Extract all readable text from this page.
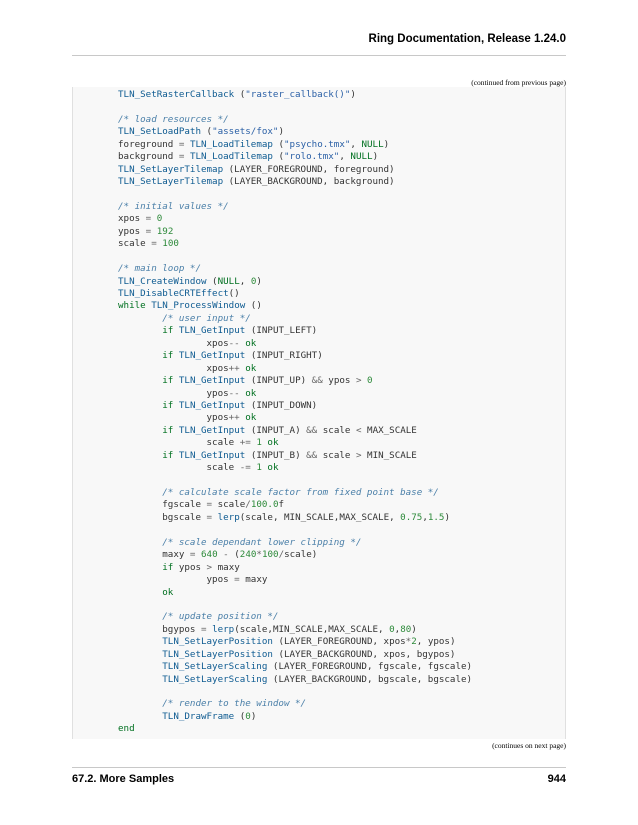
Ring Documentation, Release 1.24.0
(continued from previous page)
TLN_SetRasterCallback ("raster_callback()")

/* load resources */
TLN_SetLoadPath ("assets/fox")
foreground = TLN_LoadTilemap ("psycho.tmx", NULL)
background = TLN_LoadTilemap ("rolo.tmx", NULL)
TLN_SetLayerTilemap (LAYER_FOREGROUND, foreground)
TLN_SetLayerTilemap (LAYER_BACKGROUND, background)

/* initial values */
xpos = 0
ypos = 192
scale = 100

/* main loop */
TLN_CreateWindow (NULL, 0)
TLN_DisableCRTEffect()
while TLN_ProcessWindow ()
/* user input */
if TLN_GetInput (INPUT_LEFT)
xpos-- ok
if TLN_GetInput (INPUT_RIGHT)
xpos++ ok
if TLN_GetInput (INPUT_UP) && ypos > 0
ypos-- ok
if TLN_GetInput (INPUT_DOWN)
ypos++ ok
if TLN_GetInput (INPUT_A) && scale < MAX_SCALE
scale += 1 ok
if TLN_GetInput (INPUT_B) && scale > MIN_SCALE
scale -= 1 ok

/* calculate scale factor from fixed point base */
fgscale = scale/100.0f
bgscale = lerp(scale, MIN_SCALE,MAX_SCALE, 0.75,1.5)

/* scale dependant lower clipping */
maxy = 640 - (240*100/scale)
if ypos > maxy
ypos = maxy
ok

/* update position */
bgypos = lerp(scale,MIN_SCALE,MAX_SCALE, 0,80)
TLN_SetLayerPosition (LAYER_FOREGROUND, xpos*2, ypos)
TLN_SetLayerPosition (LAYER_BACKGROUND, xpos, bgypos)
TLN_SetLayerScaling (LAYER_FOREGROUND, fgscale, fgscale)
TLN_SetLayerScaling (LAYER_BACKGROUND, bgscale, bgscale)

/* render to the window */
TLN_DrawFrame (0)
end
(continues on next page)
67.2. More Samples	944
